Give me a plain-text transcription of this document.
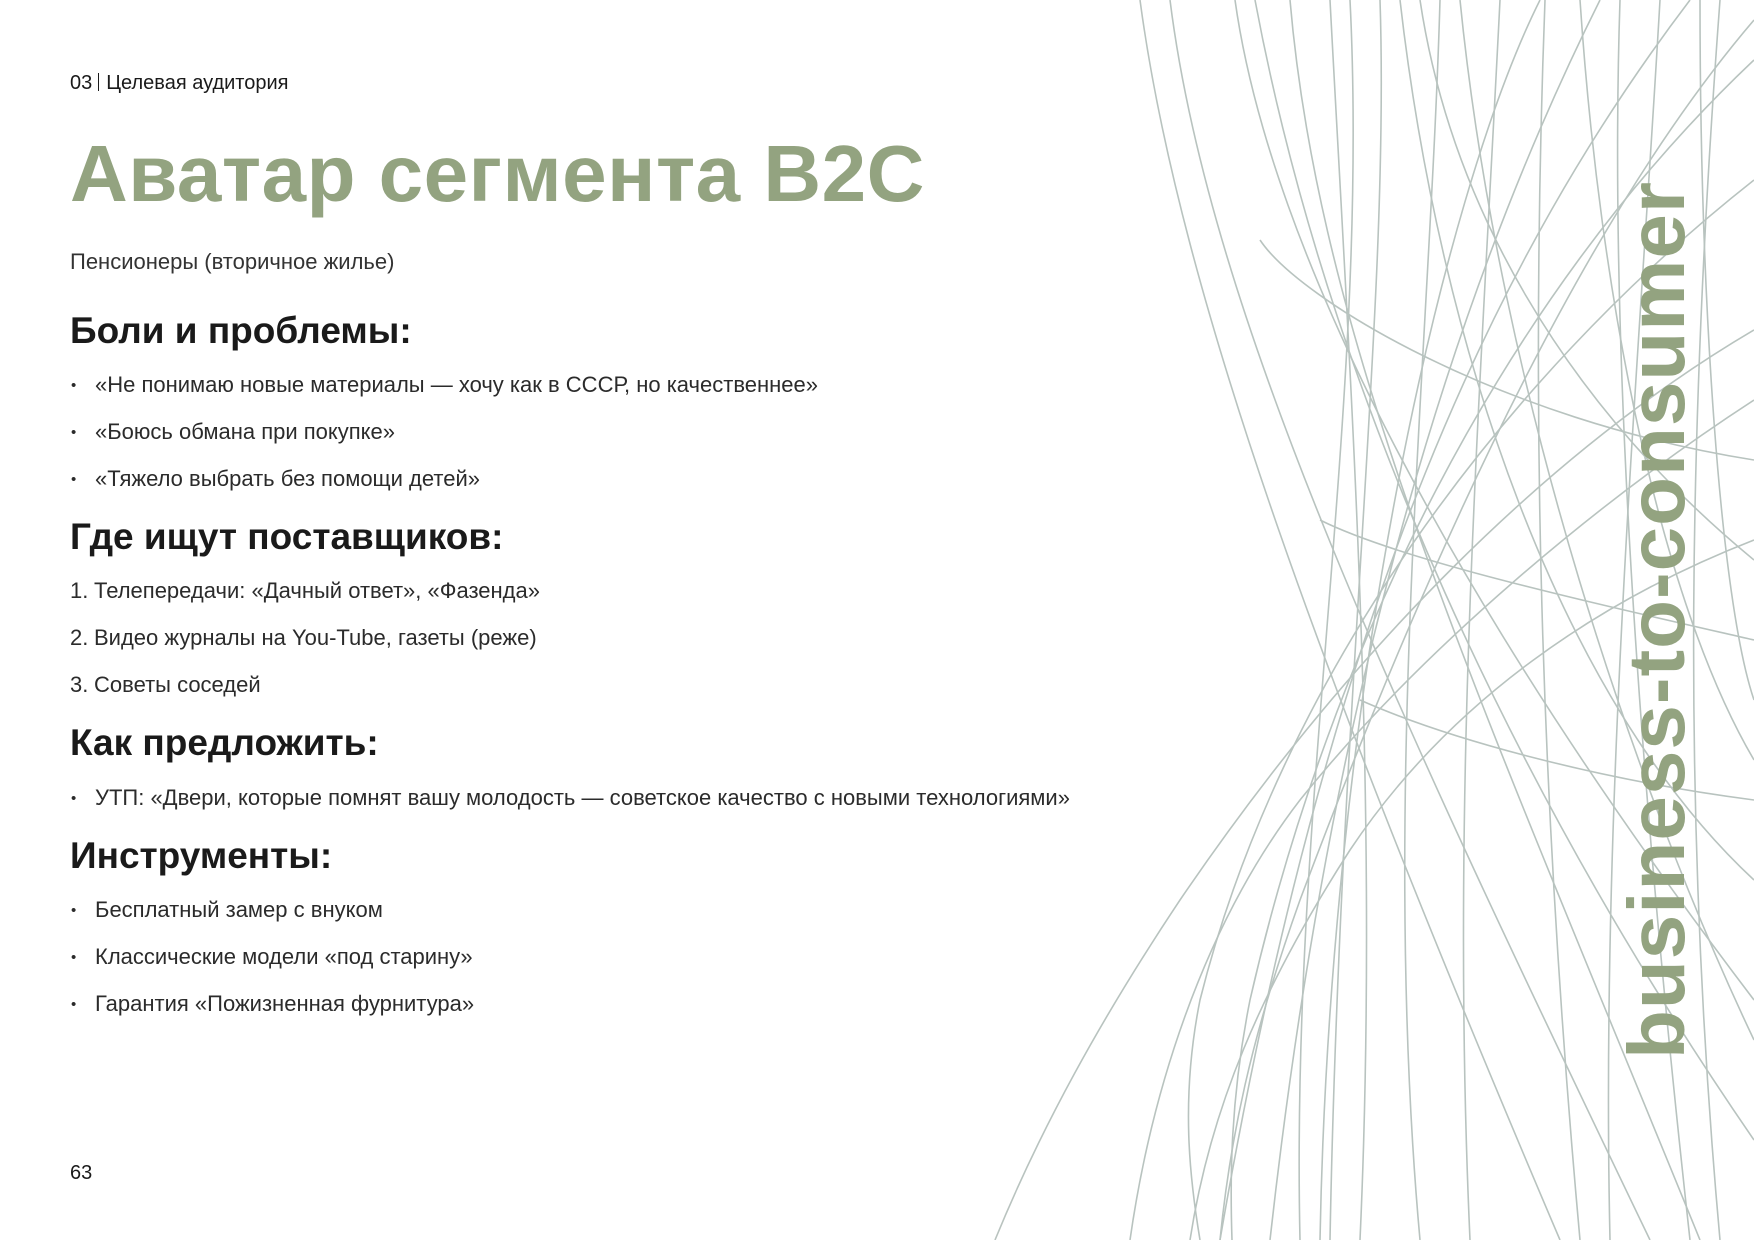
03 Целевая аудитория
Аватар сегмента B2C
Пенсионеры (вторичное жилье)
Боли и проблемы:
• «Не понимаю новые материалы — хочу как в СССР, но качественнее»
• «Боюсь обмана при покупке»
• «Тяжело выбрать без помощи детей»
Где ищут поставщиков:
1. Телепередачи: «Дачный ответ», «Фазенда»
2. Видео журналы на You-Tube, газеты (реже)
3. Советы соседей
Как предложить:
• УТП: «Двери, которые помнят вашу молодость — советское качество с новыми технологиями»
Инструменты:
• Бесплатный замер с внуком
• Классические модели «под старину»
• Гарантия «Пожизненная фурнитура»	business-to-consumer
63
